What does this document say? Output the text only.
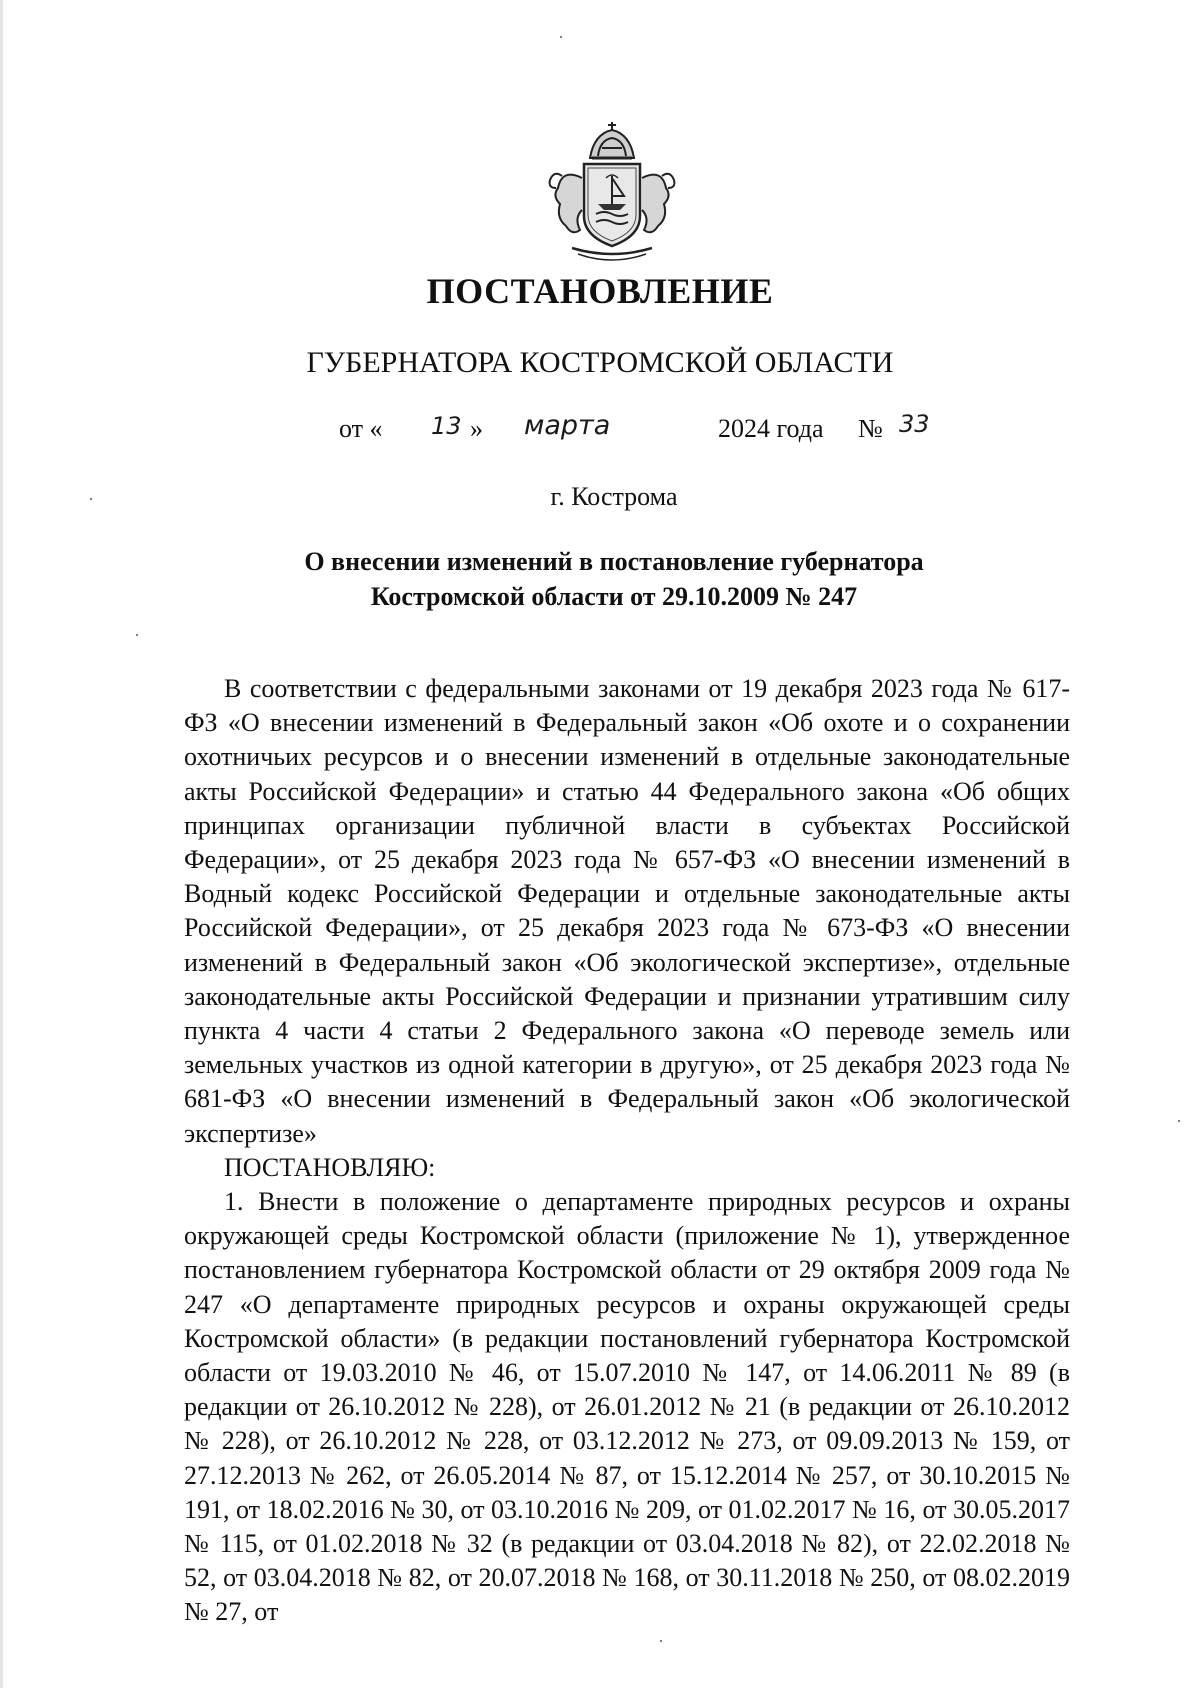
ПОСТАНОВЛЕНИЕ
ГУБЕРНАТОРА КОСТРОМСКОЙ ОБЛАСТИ
от « 13 » марта	2024 года № 33
г. Кострома
О внесении изменений в постановление губернатора
Костромской области от 29.10.2009 № 247

В соответствии с федеральными законами от 19 декабря 2023 года № 617-ФЗ «О внесении изменений в Федеральный закон «Об охоте и о сохранении охотничьих ресурсов и о внесении изменений в отдельные законодательные акты Российской Федерации» и статью 44 Федерального закона «Об общих принципах организации публичной власти в субъектах Российской Федерации», от 25 декабря 2023 года № 657-ФЗ «О внесении изменений в Водный кодекс Российской Федерации и отдельные законодательные акты Российской Федерации», от 25 декабря 2023 года № 673-ФЗ «О внесении изменений в Федеральный закон «Об экологической экспертизе», отдельные законодательные акты Российской Федерации и признании утратившим силу пункта 4 части 4 статьи 2 Федерального закона «О переводе земель или земельных участков из одной категории в другую», от 25 декабря 2023 года № 681-ФЗ «О внесении изменений в Федеральный закон «Об экологической экспертизе»

ПОСТАНОВЛЯЮ:

1. Внести в положение о департаменте природных ресурсов и охраны окружающей среды Костромской области (приложение № 1), утвержденное постановлением губернатора Костромской области от 29 октября 2009 года № 247 «О департаменте природных ресурсов и охраны окружающей среды Костромской области» (в редакции постановлений губернатора Костромской области от 19.03.2010 № 46, от 15.07.2010 № 147, от 14.06.2011 № 89 (в редакции от 26.10.2012 № 228), от 26.01.2012 № 21 (в редакции от 26.10.2012 № 228), от 26.10.2012 № 228, от 03.12.2012 № 273, от 09.09.2013 № 159, от 27.12.2013 № 262, от 26.05.2014 № 87, от 15.12.2014 № 257, от 30.10.2015 № 191, от 18.02.2016 № 30, от 03.10.2016 № 209, от 01.02.2017 № 16, от 30.05.2017 № 115, от 01.02.2018 № 32 (в редакции от 03.04.2018 № 82), от 22.02.2018 № 52, от 03.04.2018 № 82, от 20.07.2018 № 168, от 30.11.2018 № 250, от 08.02.2019 № 27, от
